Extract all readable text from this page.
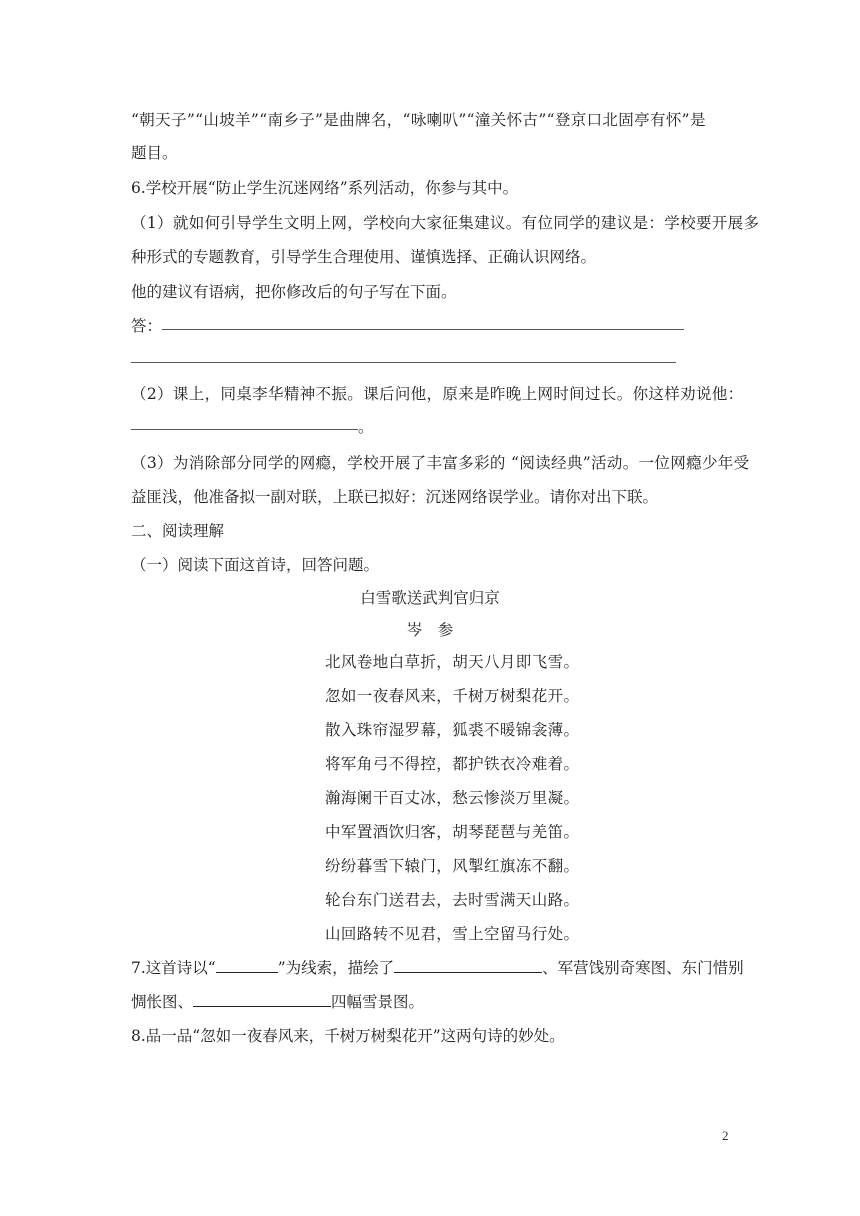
“朝天子”“山坡羊”“南乡子”是曲牌名，“咏喇叭”“潼关怀古”“登京口北固亭有怀”是
题目。
6.学校开展“防止学生沉迷网络”系列活动，你参与其中。
（1）就如何引导学生文明上网，学校向大家征集建议。有位同学的建议是：学校要开展多
种形式的专题教育，引导学生合理使用、谨慎选择、正确认识网络。
他的建议有语病，把你修改后的句子写在下面。
答：
（2）课上，同桌李华精神不振。课后问他，原来是昨晚上网时间过长。你这样劝说他：
。
（3）为消除部分同学的网瘾，学校开展了丰富多彩的 “阅读经典”活动。一位网瘾少年受
益匪浅，他准备拟一副对联，上联已拟好：沉迷网络误学业。请你对出下联。
二、阅读理解
（一）阅读下面这首诗，回答问题。
白雪歌送武判官归京
岑　参
北风卷地白草折，胡天八月即飞雪。
忽如一夜春风来，千树万树梨花开。
散入珠帘湿罗幕，狐裘不暖锦衾薄。
将军角弓不得控，都护铁衣冷难着。
瀚海阑干百丈冰，愁云惨淡万里凝。
中军置酒饮归客，胡琴琵琶与羌笛。
纷纷暮雪下辕门，风掣红旗冻不翻。
轮台东门送君去，去时雪满天山路。
山回路转不见君，雪上空留马行处。
7.这首诗以“	”为线索，描绘了	、军营饯别奇寒图、东门惜别
惆怅图、	四幅雪景图。
8.品一品“忽如一夜春风来，千树万树梨花开”这两句诗的妙处。
2
